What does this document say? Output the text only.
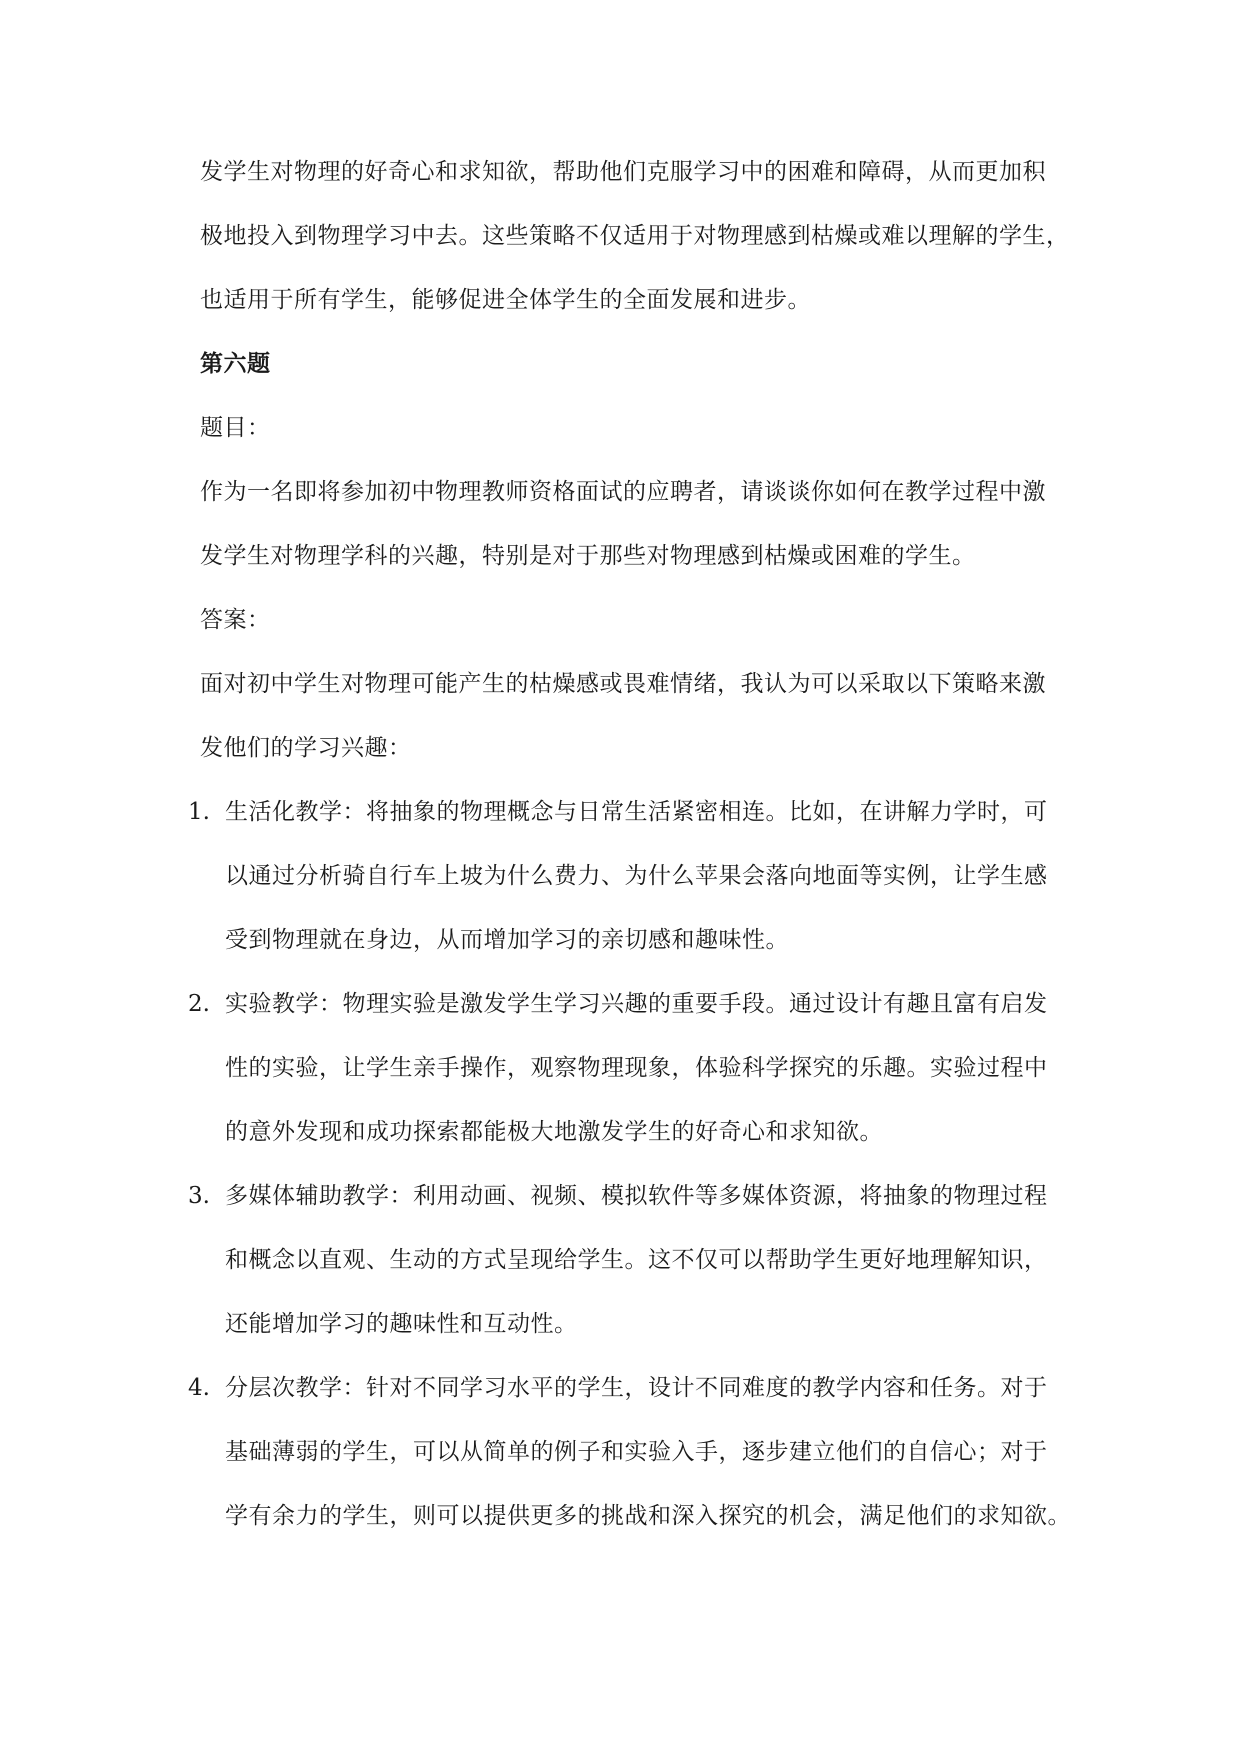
发学生对物理的好奇心和求知欲，帮助他们克服学习中的困难和障碍，从而更加积
极地投入到物理学习中去。这些策略不仅适用于对物理感到枯燥或难以理解的学生，
也适用于所有学生，能够促进全体学生的全面发展和进步。
第六题
题目：
作为一名即将参加初中物理教师资格面试的应聘者，请谈谈你如何在教学过程中激
发学生对物理学科的兴趣，特别是对于那些对物理感到枯燥或困难的学生。
答案：
面对初中学生对物理可能产生的枯燥感或畏难情绪，我认为可以采取以下策略来激
发他们的学习兴趣：
1. 生活化教学：将抽象的物理概念与日常生活紧密相连。比如，在讲解力学时，可
以通过分析骑自行车上坡为什么费力、为什么苹果会落向地面等实例，让学生感
受到物理就在身边，从而增加学习的亲切感和趣味性。
2. 实验教学：物理实验是激发学生学习兴趣的重要手段。通过设计有趣且富有启发
性的实验，让学生亲手操作，观察物理现象，体验科学探究的乐趣。实验过程中
的意外发现和成功探索都能极大地激发学生的好奇心和求知欲。
3. 多媒体辅助教学：利用动画、视频、模拟软件等多媒体资源，将抽象的物理过程
和概念以直观、生动的方式呈现给学生。这不仅可以帮助学生更好地理解知识，
还能增加学习的趣味性和互动性。
4. 分层次教学：针对不同学习水平的学生，设计不同难度的教学内容和任务。对于
基础薄弱的学生，可以从简单的例子和实验入手，逐步建立他们的自信心；对于
学有余力的学生，则可以提供更多的挑战和深入探究的机会，满足他们的求知欲。
